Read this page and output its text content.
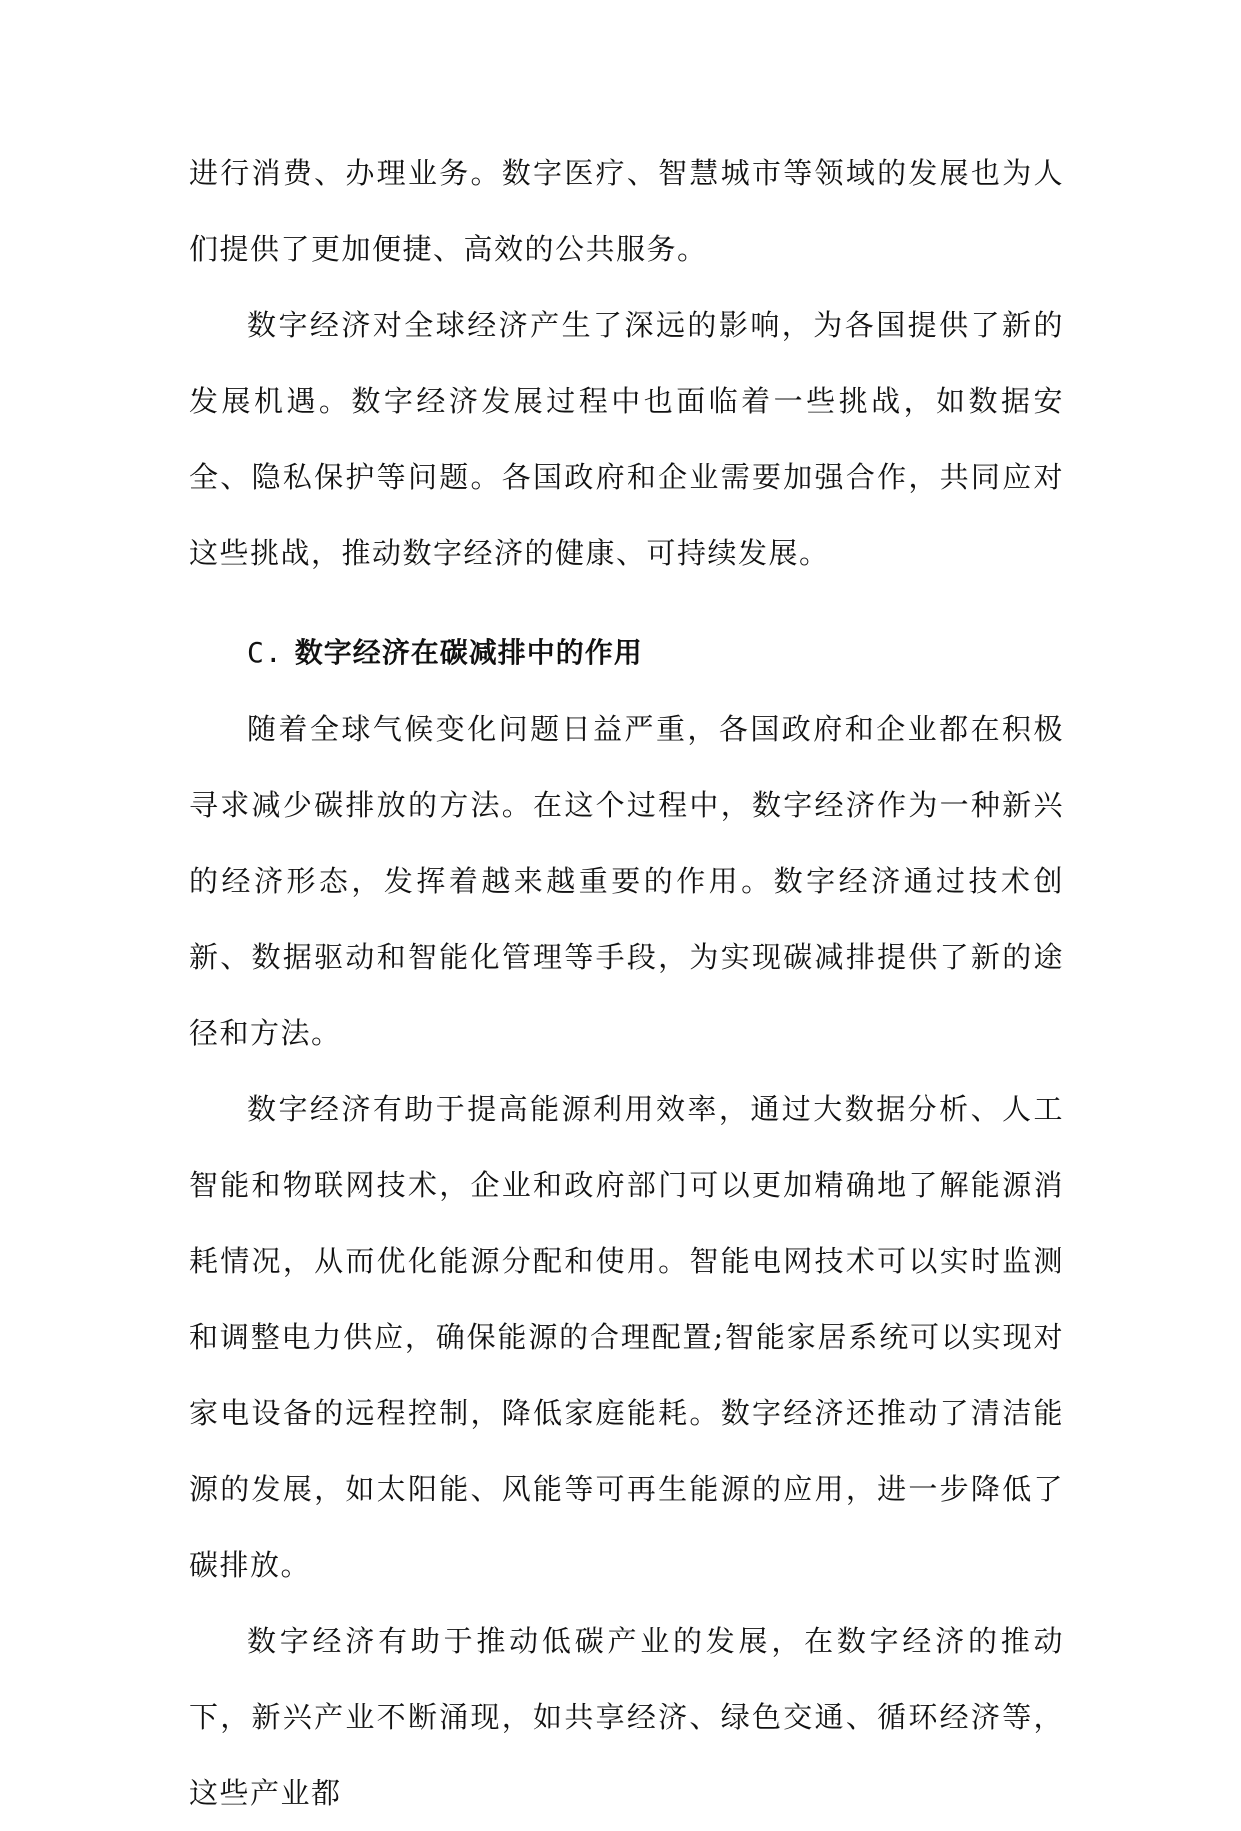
进行消费、办理业务。数字医疗、智慧城市等领域的发展也为人们提供了更加便捷、高效的公共服务。

数字经济对全球经济产生了深远的影响，为各国提供了新的发展机遇。数字经济发展过程中也面临着一些挑战，如数据安全、隐私保护等问题。各国政府和企业需要加强合作，共同应对这些挑战，推动数字经济的健康、可持续发展。

C. 数字经济在碳减排中的作用

随着全球气候变化问题日益严重，各国政府和企业都在积极寻求减少碳排放的方法。在这个过程中，数字经济作为一种新兴的经济形态，发挥着越来越重要的作用。数字经济通过技术创新、数据驱动和智能化管理等手段，为实现碳减排提供了新的途径和方法。

数字经济有助于提高能源利用效率，通过大数据分析、人工智能和物联网技术，企业和政府部门可以更加精确地了解能源消耗情况，从而优化能源分配和使用。智能电网技术可以实时监测和调整电力供应，确保能源的合理配置;智能家居系统可以实现对家电设备的远程控制，降低家庭能耗。数字经济还推动了清洁能源的发展，如太阳能、风能等可再生能源的应用，进一步降低了碳排放。

数字经济有助于推动低碳产业的发展，在数字经济的推动下，新兴产业不断涌现，如共享经济、绿色交通、循环经济等，这些产业都
